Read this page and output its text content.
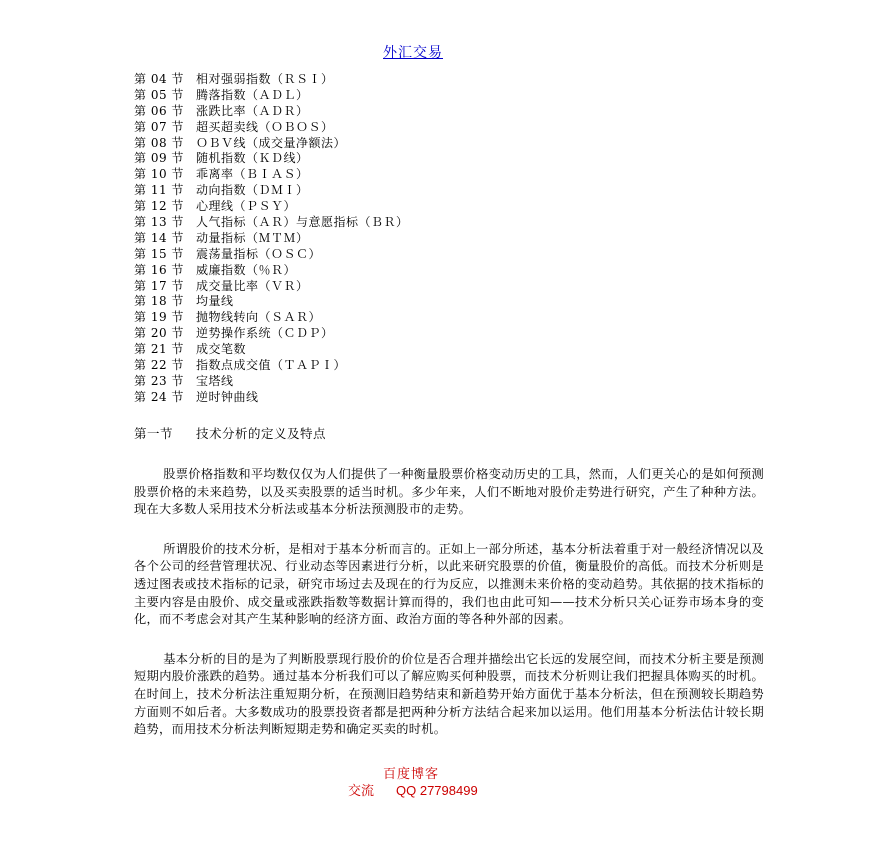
外汇交易
第 04 节 相对强弱指数（ＲＳＩ）
第 05 节 腾落指数（ＡＤＬ）
第 06 节 涨跌比率（ＡＤＲ）
第 07 节 超买超卖线（ＯＢＯＳ）
第 08 节 ＯＢＶ线（成交量净额法）
第 09 节 随机指数（ＫＤ线）
第 10 节 乖离率（ＢＩＡＳ）
第 11 节 动向指数（ＤＭＩ）
第 12 节 心理线（ＰＳＹ）
第 13 节 人气指标（ＡＲ）与意愿指标（ＢＲ）
第 14 节 动量指标（ＭＴＭ）
第 15 节 震荡量指标（ＯＳＣ）
第 16 节 威廉指数（％Ｒ）
第 17 节 成交量比率（ＶＲ）
第 18 节 均量线
第 19 节 抛物线转向（ＳＡＲ）
第 20 节 逆势操作系统（ＣＤＰ）
第 21 节 成交笔数
第 22 节 指数点成交值（ＴＡＰＩ）
第 23 节 宝塔线
第 24 节 逆时钟曲线
第一节 技术分析的定义及特点

股票价格指数和平均数仅仅为人们提供了一种衡量股票价格变动历史的工具，然而，人们更关心的是如何预测股票价格的未来趋势，以及买卖股票的适当时机。多少年来，人们不断地对股价走势进行研究，产生了种种方法。现在大多数人采用技术分析法或基本分析法预测股市的走势。

所谓股价的技术分析，是相对于基本分析而言的。正如上一部分所述，基本分析法着重于对一般经济情况以及各个公司的经营管理状况、行业动态等因素进行分析，以此来研究股票的价值，衡量股价的高低。而技术分析则是透过图表或技术指标的记录，研究市场过去及现在的行为反应，以推测未来价格的变动趋势。其依据的技术指标的主要内容是由股价、成交量或涨跌指数等数据计算而得的，我们也由此可知——技术分析只关心证券市场本身的变化，而不考虑会对其产生某种影响的经济方面、政治方面的等各种外部的因素。

基本分析的目的是为了判断股票现行股价的价位是否合理并描绘出它长远的发展空间，而技术分析主要是预测短期内股价涨跌的趋势。通过基本分析我们可以了解应购买何种股票，而技术分析则让我们把握具体购买的时机。在时间上，技术分析法注重短期分析，在预测旧趋势结束和新趋势开始方面优于基本分析法，但在预测较长期趋势方面则不如后者。大多数成功的股票投资者都是把两种分析方法结合起来加以运用。他们用基本分析法估计较长期趋势，而用技术分析法判断短期走势和确定买卖的时机。

百度博客
交流 QQ 27798499
